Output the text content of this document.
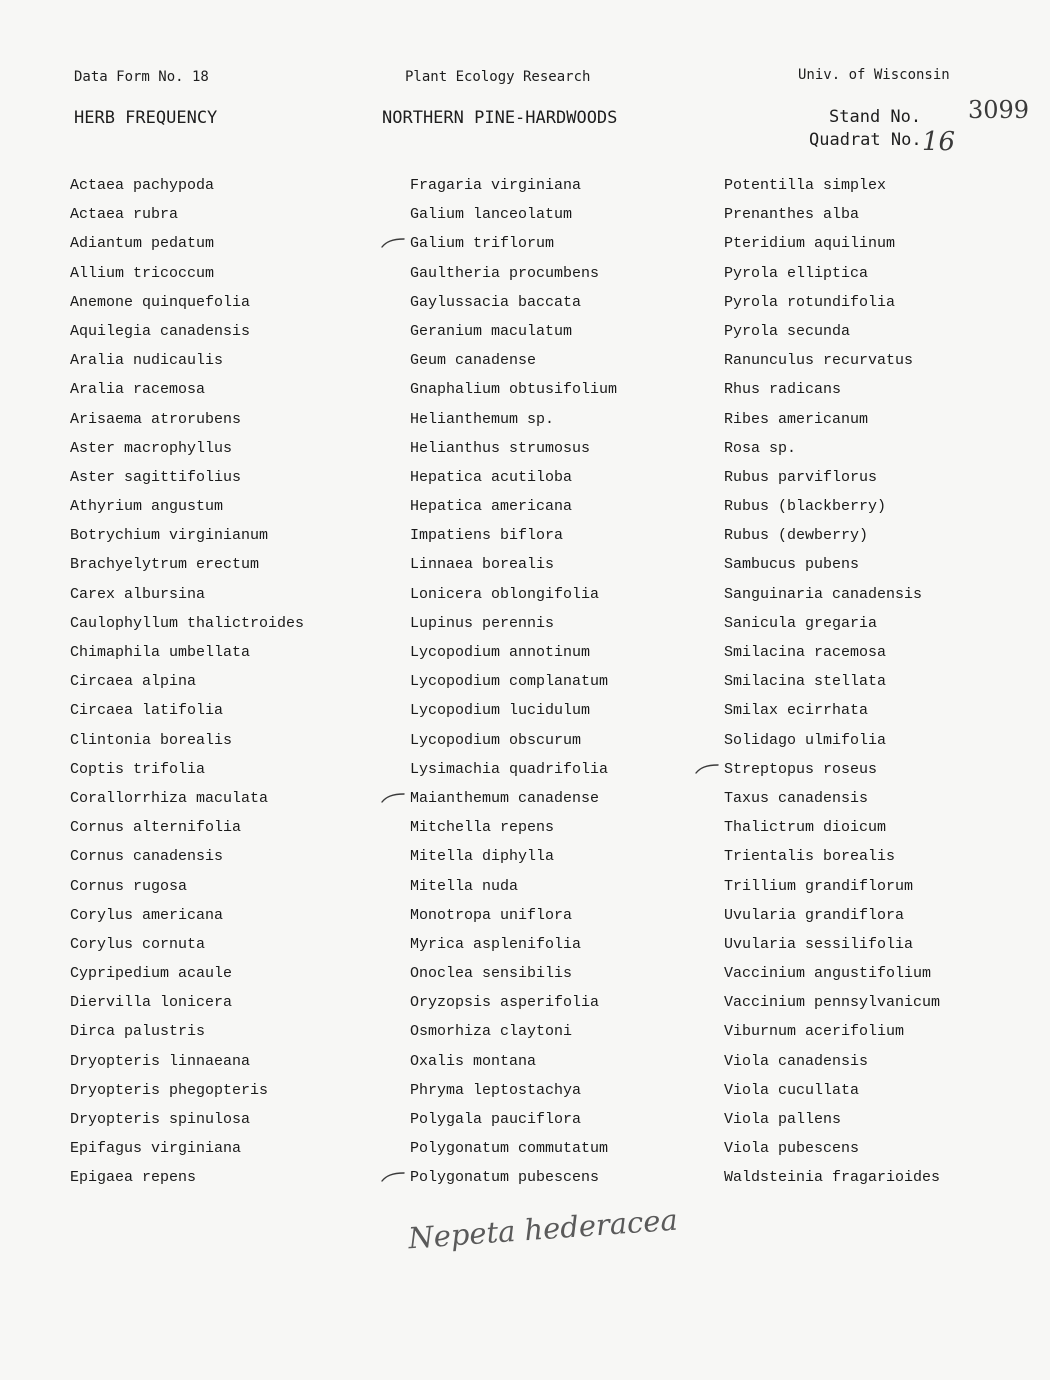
Data Form No. 18	Plant Ecology Research	Univ. of Wisconsin
HERB FREQUENCY	NORTHERN PINE-HARDWOODS	Stand No.
Quadrat No.
3099
16
Actaea pachypoda
Actaea rubra
Adiantum pedatum
Allium tricoccum
Anemone quinquefolia
Aquilegia canadensis
Aralia nudicaulis
Aralia racemosa
Arisaema atrorubens
Aster macrophyllus
Aster sagittifolius
Athyrium angustum
Botrychium virginianum
Brachyelytrum erectum
Carex albursina
Caulophyllum thalictroides
Chimaphila umbellata
Circaea alpina
Circaea latifolia
Clintonia borealis
Coptis trifolia
Corallorrhiza maculata
Cornus alternifolia
Cornus canadensis
Cornus rugosa
Corylus americana
Corylus cornuta
Cypripedium acaule
Diervilla lonicera
Dirca palustris
Dryopteris linnaeana
Dryopteris phegopteris
Dryopteris spinulosa
Epifagus virginiana
Epigaea repens
Fragaria virginiana
Galium lanceolatum
Galium triflorum
Gaultheria procumbens
Gaylussacia baccata
Geranium maculatum
Geum canadense
Gnaphalium obtusifolium
Helianthemum sp.
Helianthus strumosus
Hepatica acutiloba
Hepatica americana
Impatiens biflora
Linnaea borealis
Lonicera oblongifolia
Lupinus perennis
Lycopodium annotinum
Lycopodium complanatum
Lycopodium lucidulum
Lycopodium obscurum
Lysimachia quadrifolia
Maianthemum canadense
Mitchella repens
Mitella diphylla
Mitella nuda
Monotropa uniflora
Myrica asplenifolia
Onoclea sensibilis
Oryzopsis asperifolia
Osmorhiza claytoni
Oxalis montana
Phryma leptostachya
Polygala pauciflora
Polygonatum commutatum
Polygonatum pubescens
Potentilla simplex
Prenanthes alba
Pteridium aquilinum
Pyrola elliptica
Pyrola rotundifolia
Pyrola secunda
Ranunculus recurvatus
Rhus radicans
Ribes americanum
Rosa sp.
Rubus parviflorus
Rubus (blackberry)
Rubus (dewberry)
Sambucus pubens
Sanguinaria canadensis
Sanicula gregaria
Smilacina racemosa
Smilacina stellata
Smilax ecirrhata
Solidago ulmifolia
Streptopus roseus
Taxus canadensis
Thalictrum dioicum
Trientalis borealis
Trillium grandiflorum
Uvularia grandiflora
Uvularia sessilifolia
Vaccinium angustifolium
Vaccinium pennsylvanicum
Viburnum acerifolium
Viola canadensis
Viola cucullata
Viola pallens
Viola pubescens
Waldsteinia fragarioides
Nepeta hederacea
